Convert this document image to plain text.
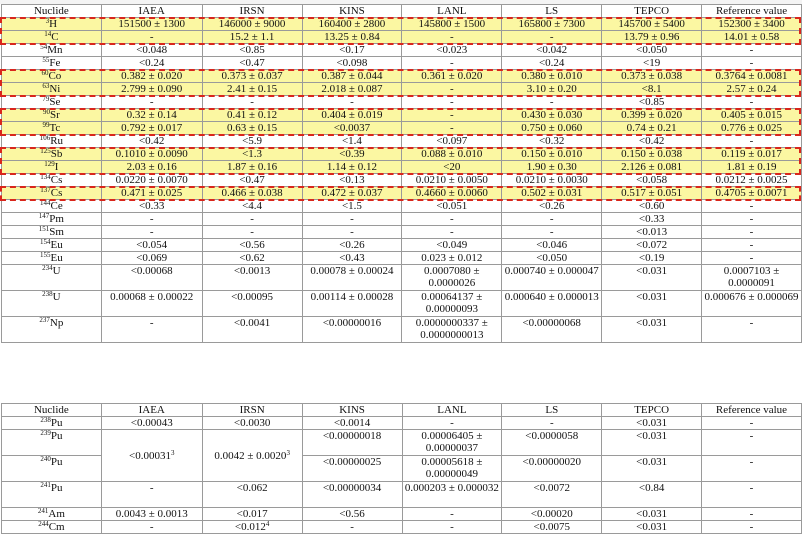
Nuclide	IAEA	IRSN	KINS	LANL	LS	TEPCO	Reference value
$^3$H	151500 ± 1300	146000 ± 9000	160400 ± 2800	145800 ± 1500	165800 ± 7300	145700 ± 5400	152300 ± 3400
$^{14}$C	-	15.2 ± 1.1	13.25 ± 0.84	-	-	13.79 ± 0.96	14.01 ± 0.58
$^{54}$Mn	<0.048	<0.85	<0.17	<0.023	<0.042	<0.050	-
$^{55}$Fe	<0.24	<0.47	<0.098	-	<0.24	<19	-
$^{60}$Co	0.382 ± 0.020	0.373 ± 0.037	0.387 ± 0.044	0.361 ± 0.020	0.380 ± 0.010	0.373 ± 0.038	0.3764 ± 0.0081
$^{63}$Ni	2.799 ± 0.090	2.41 ± 0.15	2.018 ± 0.087	-	3.10 ± 0.20	<8.1	2.57 ± 0.24
$^{79}$Se	-	-	-	-	-	<0.85	-
$^{90}$Sr	0.32 ± 0.14	0.41 ± 0.12	0.404 ± 0.019	-	0.430 ± 0.030	0.399 ± 0.020	0.405 ± 0.015
$^{99}$Tc	0.792 ± 0.017	0.63 ± 0.15	<0.0037	-	0.750 ± 0.060	0.74 ± 0.21	0.776 ± 0.025
$^{106}$Ru	<0.42	<5.9	<1.4	<0.097	<0.32	<0.42	-
$^{125}$Sb	0.1010 ± 0.0090	<1.3	<0.39	0.088 ± 0.010	0.150 ± 0.010	0.150 ± 0.038	0.119 ± 0.017
$^{129}$I	2.03 ± 0.16	1.87 ± 0.16	1.14 ± 0.12	<20	1.90 ± 0.30	2.126 ± 0.081	1.81 ± 0.19
$^{134}$Cs	0.0220 ± 0.0070	<0.47	<0.13	0.0210 ± 0.0050	0.0210 ± 0.0030	<0.058	0.0212 ± 0.0025
$^{137}$Cs	0.471 ± 0.025	0.466 ± 0.038	0.472 ± 0.037	0.4660 ± 0.0060	0.502 ± 0.031	0.517 ± 0.051	0.4705 ± 0.0071
$^{144}$Ce	<0.33	<4.4	<1.5	<0.051	<0.26	<0.60	-
$^{147}$Pm	-	-	-	-	-	<0.33	-
$^{151}$Sm	-	-	-	-	-	<0.013	-
$^{154}$Eu	<0.054	<0.56	<0.26	<0.049	<0.046	<0.072	-
$^{155}$Eu	<0.069	<0.62	<0.43	0.023 ± 0.012	<0.050	<0.19	-
$^{234}$U	<0.00068	<0.0013	0.00078 ± 0.00024	0.0007080 ± 0.0000026	0.000740 ± 0.000047	<0.031	0.0007103 ± 0.0000091
$^{238}$U	0.00068 ± 0.00022	<0.00095	0.00114 ± 0.00028	0.00064137 ± 0.00000093	0.000640 ± 0.000013	<0.031	0.000676 ± 0.000069
$^{237}$Np	-	<0.0041	<0.00000016	0.0000000337 ± 0.0000000013	<0.00000068	<0.031	-
Nuclide	IAEA	IRSN	KINS	LANL	LS	TEPCO	Reference value
$^{238}$Pu	<0.00043	<0.0030	<0.0014	-	-	<0.031	-
$^{239}$Pu	$<0.00031^3$	$0.0042 \pm 0.0020^3$	<0.00000018	0.00006405 ± 0.00000037	<0.0000058	<0.031	-
$^{240}$Pu			<0.00000025	0.00005618 ± 0.00000049	<0.00000020	<0.031	-
$^{241}$Pu	-	<0.062	<0.00000034	0.000203 ± 0.000032	<0.0072	<0.84	-
$^{241}$Am	0.0043 ± 0.0013	<0.017	<0.56	-	<0.00020	<0.031	-
$^{244}$Cm	-	$<0.012^4$	-	-	<0.0075	<0.031	-
